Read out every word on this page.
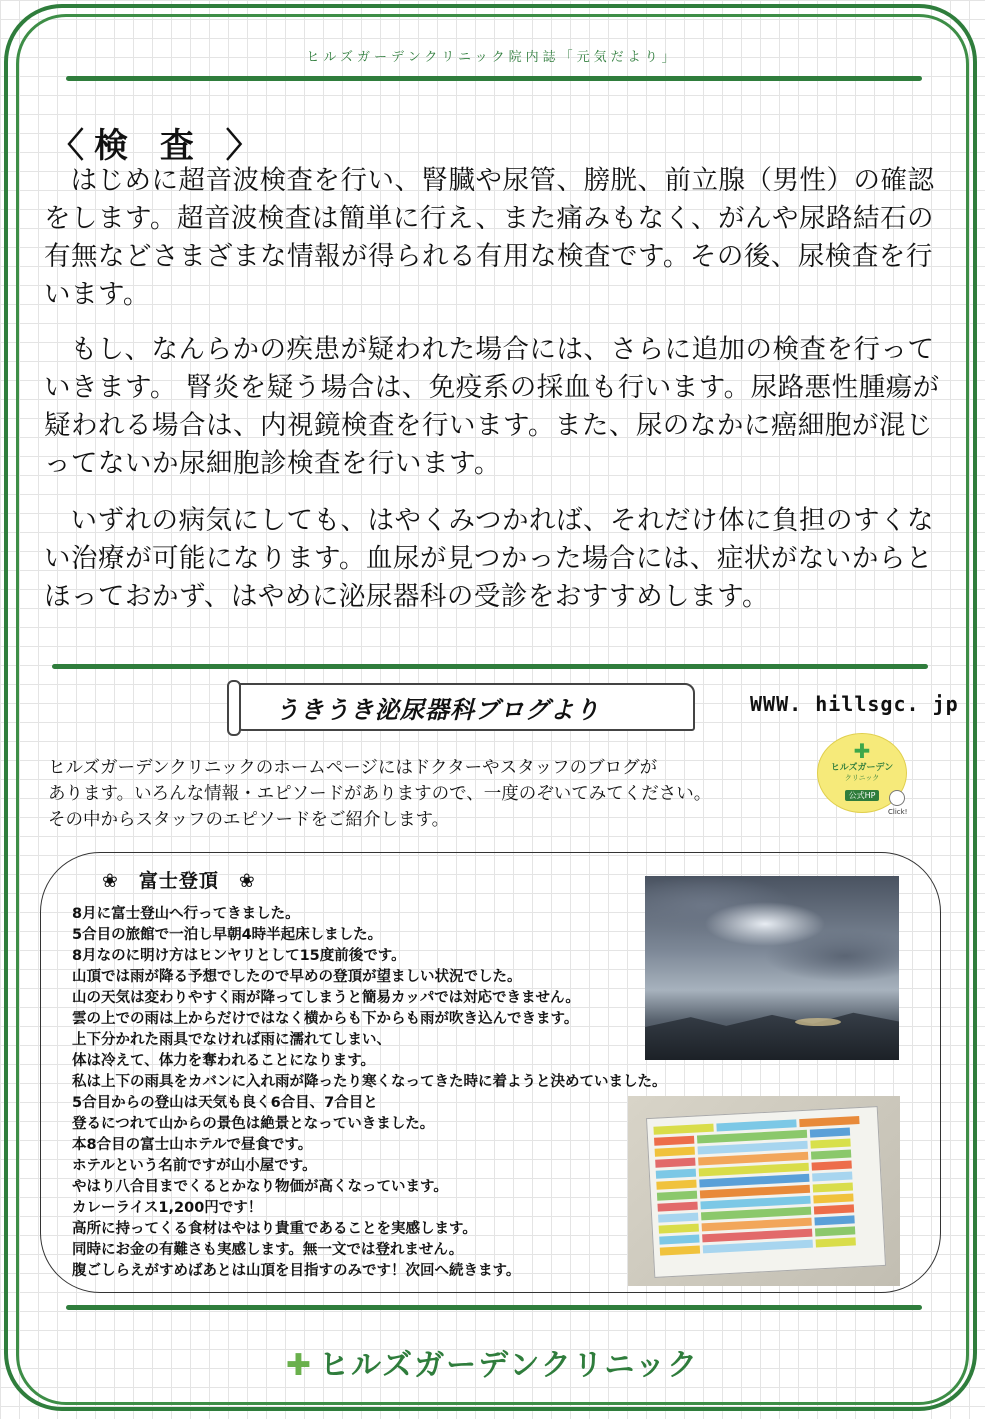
ヒルズガーデンクリニック院内誌「元気だより」
〈検 査 〉

はじめに超音波検査を行い、腎臓や尿管、膀胱、前立腺（男性）の確認をします。超音波検査は簡単に行え、また痛みもなく、がんや尿路結石の有無などさまざまな情報が得られる有用な検査です。その後、尿検査を行います。

もし、なんらかの疾患が疑われた場合には、さらに追加の検査を行っていきます。 腎炎を疑う場合は、免疫系の採血も行います。尿路悪性腫瘍が疑われる場合は、内視鏡検査を行います。また、尿のなかに癌細胞が混じってないか尿細胞診検査を行います。

いずれの病気にしても、はやくみつかれば、それだけ体に負担のすくない治療が可能になります。血尿が見つかった場合には、症状がないからとほっておかず、はやめに泌尿器科の受診をおすすめします。

うきうき泌尿器科ブログより	WWW. hillsgc. jp

ヒルズガーデンクリニックのホームページにはドクターやスタッフのブログが

あります。いろんな情報・エピソードがありますので、一度のぞいてみてください。

その中からスタッフのエピソードをご紹介します。

✚
ヒルズガーデン
クリニック
公式HP
Click!
❀　富士登頂　❀
8月に富士登山へ行ってきました。
5合目の旅館で一泊し早朝4時半起床しました。
8月なのに明け方はヒンヤリとして15度前後です。
山頂では雨が降る予想でしたので早めの登頂が望ましい状況でした。
山の天気は変わりやすく雨が降ってしまうと簡易カッパでは対応できません。
雲の上での雨は上からだけではなく横からも下からも雨が吹き込んできます。
上下分かれた雨具でなければ雨に濡れてしまい、
体は冷えて、体力を奪われることになります。
私は上下の雨具をカバンに入れ雨が降ったり寒くなってきた時に着ようと決めていました。
5合目からの登山は天気も良く6合目、7合目と
登るにつれて山からの景色は絶景となっていきました。
本8合目の富士山ホテルで昼食です。
ホテルという名前ですが山小屋です。
やはり八合目までくるとかなり物価が高くなっています。
カレーライス1,200円です！
高所に持ってくる食材はやはり貴重であることを実感します。
同時にお金の有難さも実感します。無一文では登れません。
腹ごしらえがすめばあとは山頂を目指すのみです！次回へ続きます。
✚ ヒルズガーデンクリニック
